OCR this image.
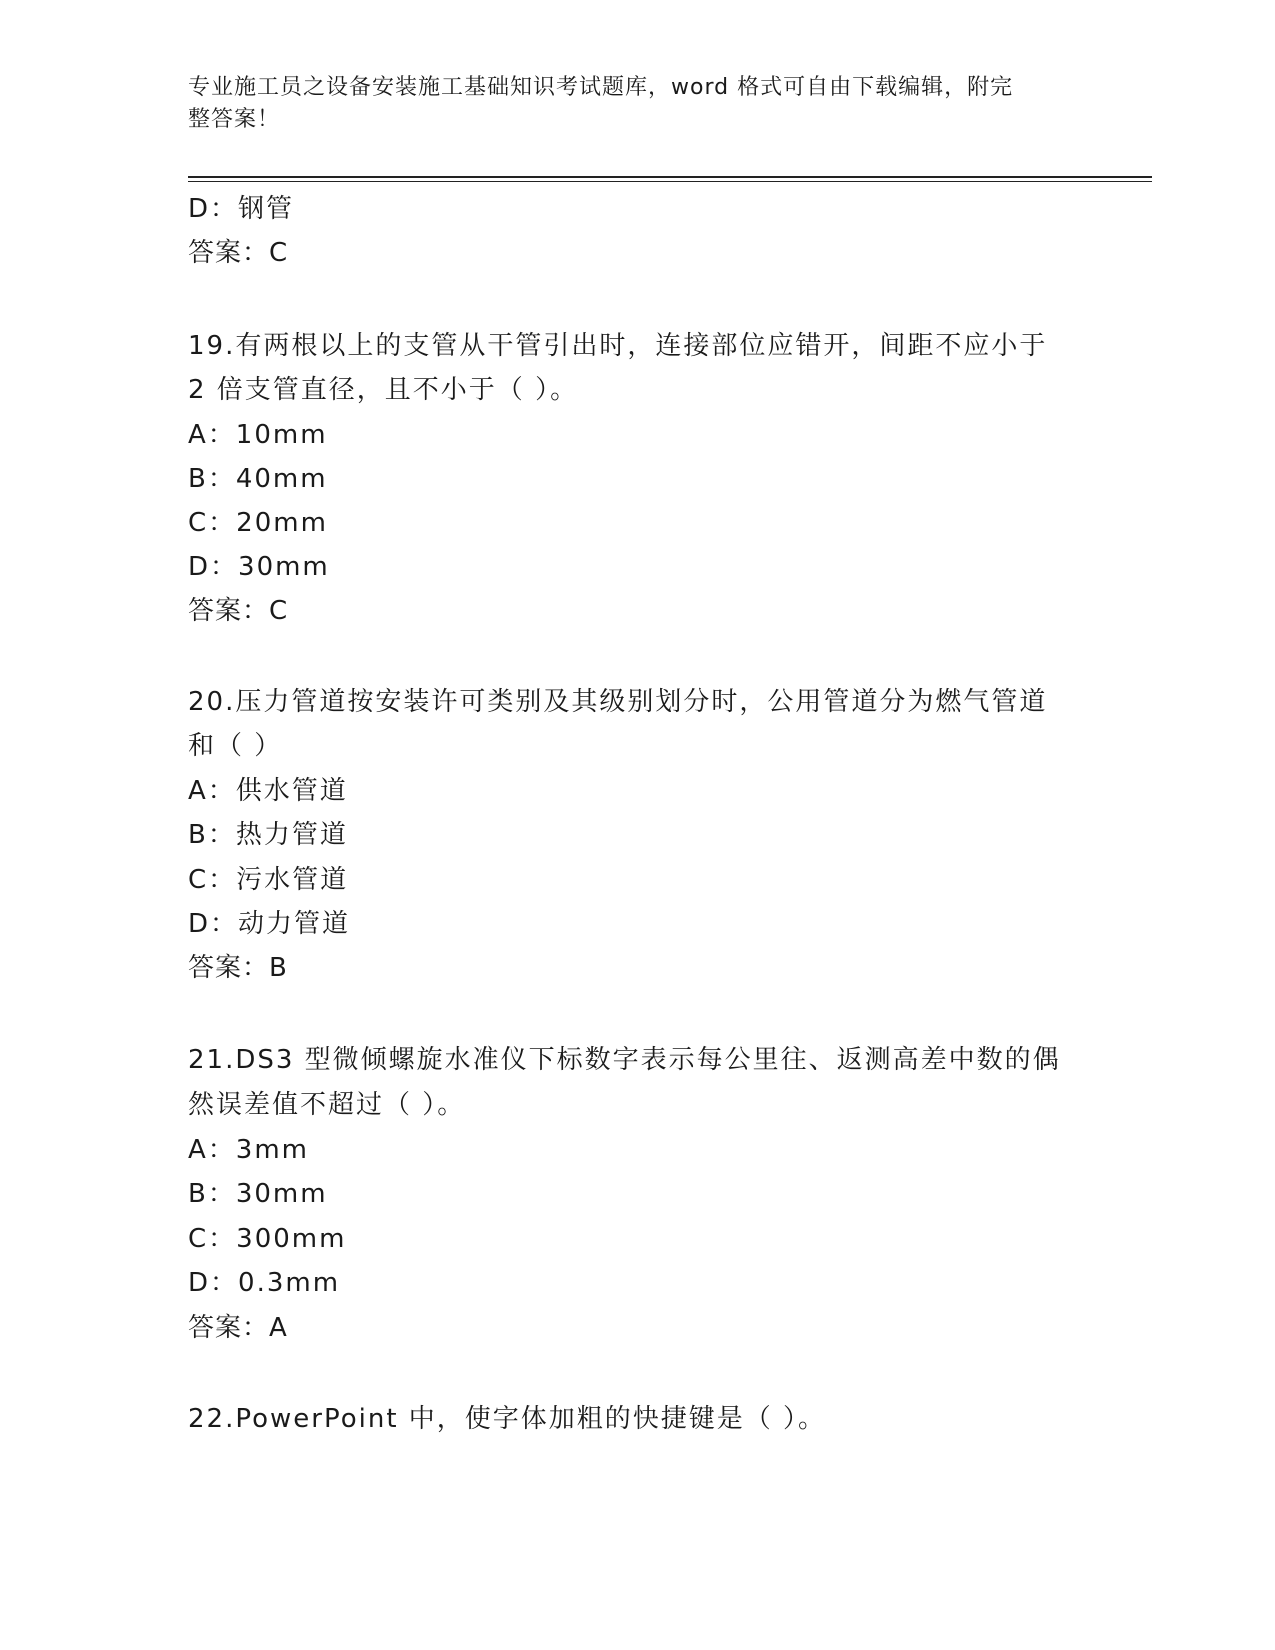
专业施工员之设备安装施工基础知识考试题库，word 格式可自由下载编辑，附完
整答案！
D：钢管
答案：C
19.有两根以上的支管从干管引出时，连接部位应错开，间距不应小于
2 倍支管直径，且不小于（ ）。
A：10mm
B：40mm
C：20mm
D：30mm
答案：C
20.压力管道按安装许可类别及其级别划分时，公用管道分为燃气管道
和（ ）
A：供水管道
B：热力管道
C：污水管道
D：动力管道
答案：B
21.DS3 型微倾螺旋水准仪下标数字表示每公里往、返测高差中数的偶
然误差值不超过（ ）。
A：3mm
B：30mm
C：300mm
D：0.3mm
答案：A
22.PowerPoint 中，使字体加粗的快捷键是（ ）。
